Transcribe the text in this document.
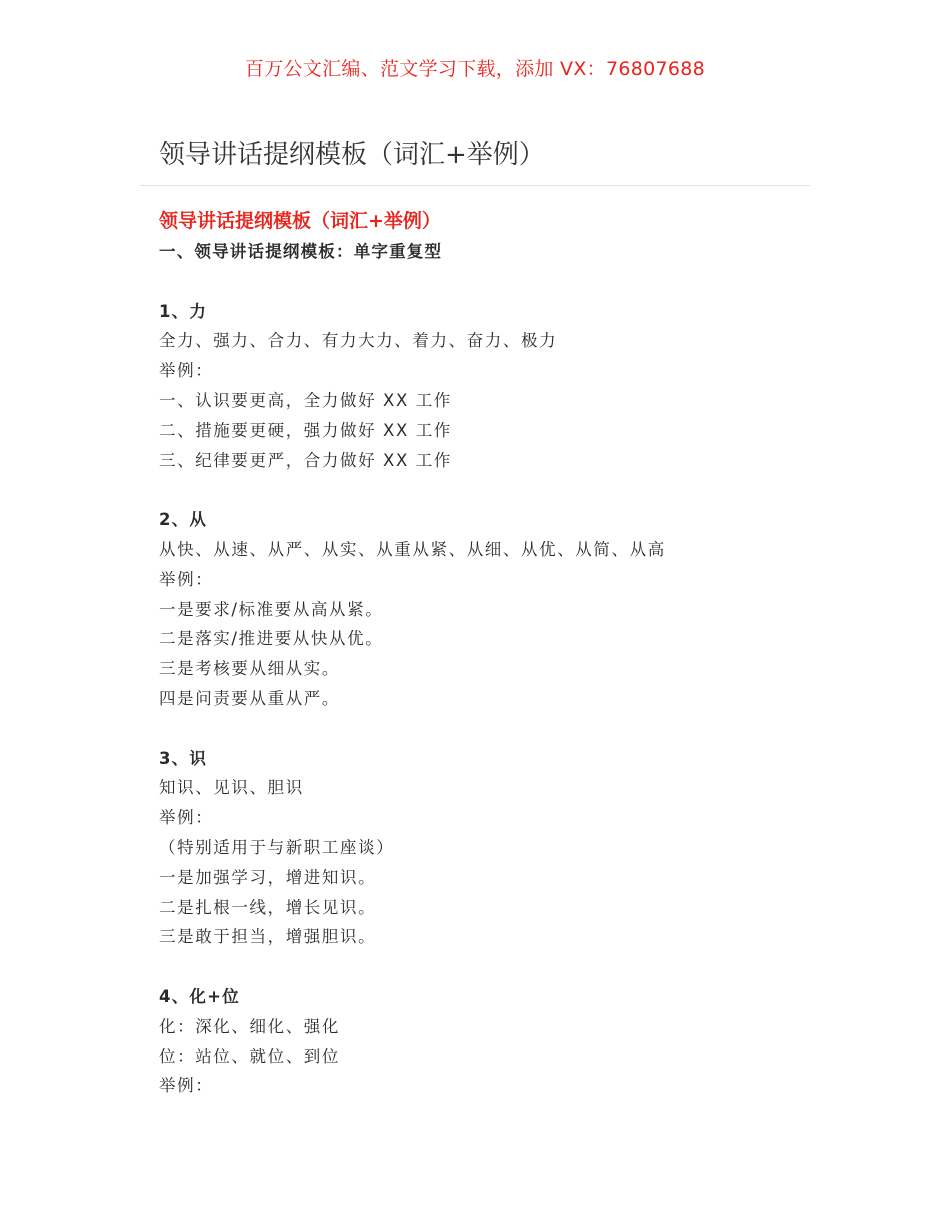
百万公文汇编、范文学习下载，添加 VX：76807688
领导讲话提纲模板（词汇+举例）
领导讲话提纲模板（词汇+举例）
一、领导讲话提纲模板：单字重复型
1、力
全力、强力、合力、有力大力、着力、奋力、极力
举例：
一、认识要更高，全力做好 XX 工作
二、措施要更硬，强力做好 XX 工作
三、纪律要更严，合力做好 XX 工作
2、从
从快、从速、从严、从实、从重从紧、从细、从优、从简、从高
举例：
一是要求/标准要从高从紧。
二是落实/推进要从快从优。
三是考核要从细从实。
四是问责要从重从严。
3、识
知识、见识、胆识
举例：
（特别适用于与新职工座谈）
一是加强学习，增进知识。
二是扎根一线，增长见识。
三是敢于担当，增强胆识。
4、化+位
化：深化、细化、强化
位：站位、就位、到位
举例：
